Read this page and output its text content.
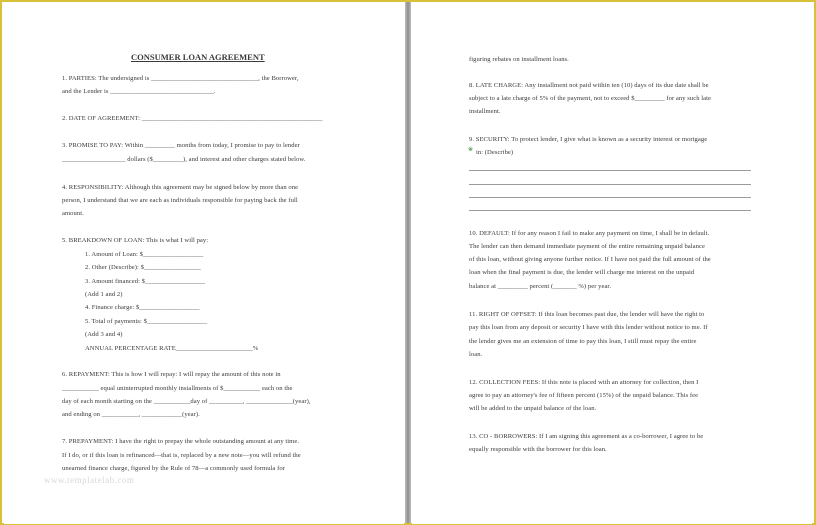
CONSUMER LOAN AGREEMENT
1. PARTIES: The undersigned is ________________________________, the Borrower,
and the Lender is _______________________________.
2. DATE OF AGREEMENT: ______________________________________________________
3. PROMISE TO PAY: Within _________ months from today, I promise to pay to lender
___________________ dollars ($_________), and interest and other charges stated below.
4. RESPONSIBILITY: Although this agreement may be signed below by more than one
person, I understand that we are each as individuals responsible for paying back the full
amount.
5. BREAKDOWN OF LOAN: This is what I will pay:
1. Amount of Loan: $__________________
2. Other (Describe): $_________________
3. Amount financed: $__________________
(Add 1 and 2)
4. Finance charge: $__________________
5. Total of payments: $__________________
(Add 3 and 4)
ANNUAL PERCENTAGE RATE_______________________%
6. REPAYMENT: This is how I will repay: I will repay the amount of this note in
___________ equal uninterrupted monthly installments of $___________ each on the
day of each month starting on the ___________day of __________, ______________(year),
and ending on ___________, ____________(year).
7. PREPAYMENT: I have the right to prepay the whole outstanding amount at any time.
If I do, or if this loan is refinanced—that is, replaced by a new note—you will refund the
unearned finance charge, figured by the Rule of 78—a commonly used formula for
www.templatelab.com
figuring rebates on installment loans.
8. LATE CHARGE: Any installment not paid within ten (10) days of its due date shall be
subject to a late charge of 5% of the payment, not to exceed $_________ for any such late
installment.
9. SECURITY: To protect lender, I give what is known as a security interest or mortgage
in: (Describe)
10. DEFAULT: If for any reason I fail to make any payment on time, I shall be in default.
The lender can then demand immediate payment of the entire remaining unpaid balance
of this loan, without giving anyone further notice. If I have not paid the full amount of the
loan when the final payment is due, the lender will charge me interest on the unpaid
balance at _________ percent (_______ %) per year.
11. RIGHT OF OFFSET: If this loan becomes past due, the lender will have the right to
pay this loan from any deposit or security I have with this lender without notice to me. If
the lender gives me an extension of time to pay this loan, I still must repay the entire
loan.
12. COLLECTION FEES: If this note is placed with an attorney for collection, then I
agree to pay an attorney's fee of fifteen percent (15%) of the unpaid balance. This fee
will be added to the unpaid balance of the loan.
13. CO - BORROWERS: If I am signing this agreement as a co-borrower, I agree to be
equally responsible with the borrower for this loan.
❀
